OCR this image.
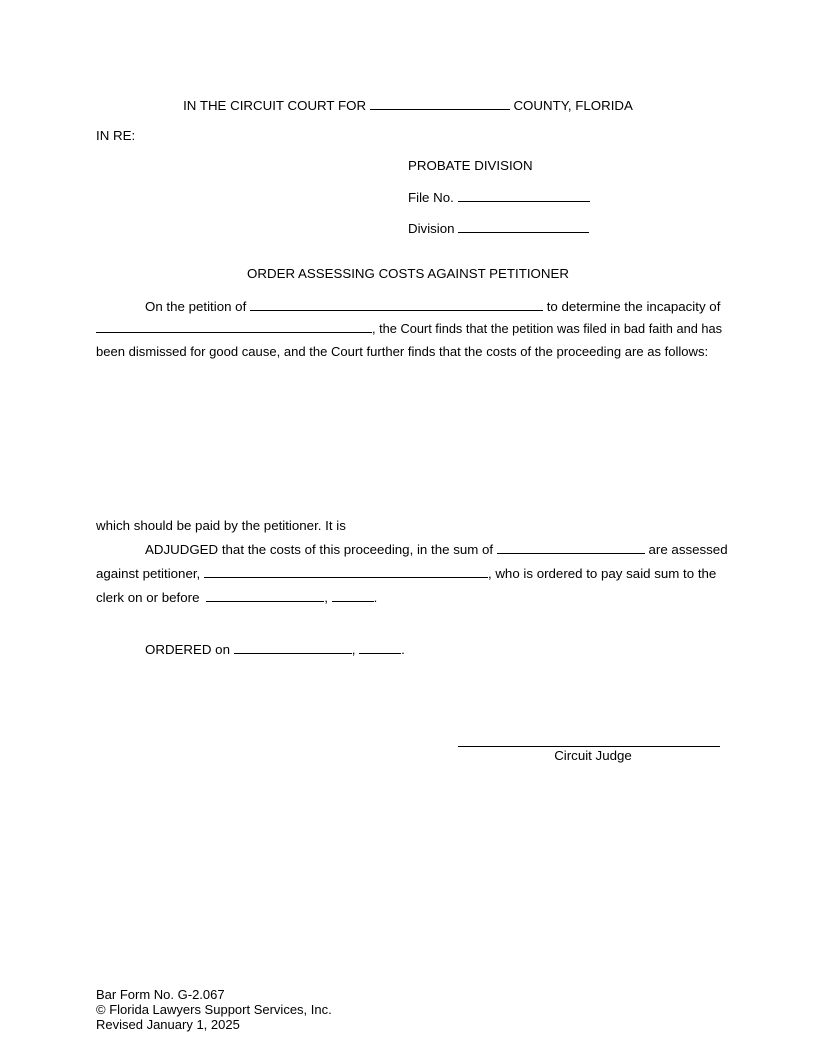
IN THE CIRCUIT COURT FOR	COUNTY, FLORIDA
IN RE:
PROBATE DIVISION
File No.
Division
ORDER ASSESSING COSTS AGAINST PETITIONER
On the petition of	to determine the incapacity of
, the Court finds that the petition was filed in bad faith and has
been dismissed for good cause, and the Court further finds that the costs of the proceeding are as follows:
which should be paid by the petitioner. It is
ADJUDGED that the costs of this proceeding, in the sum of	are assessed
against petitioner,	, who is ordered to pay said sum to the
clerk on or before	,	.
ORDERED on	,	.
Circuit Judge
Bar Form No. G-2.067
© Florida Lawyers Support Services, Inc.
Revised January 1, 2025
